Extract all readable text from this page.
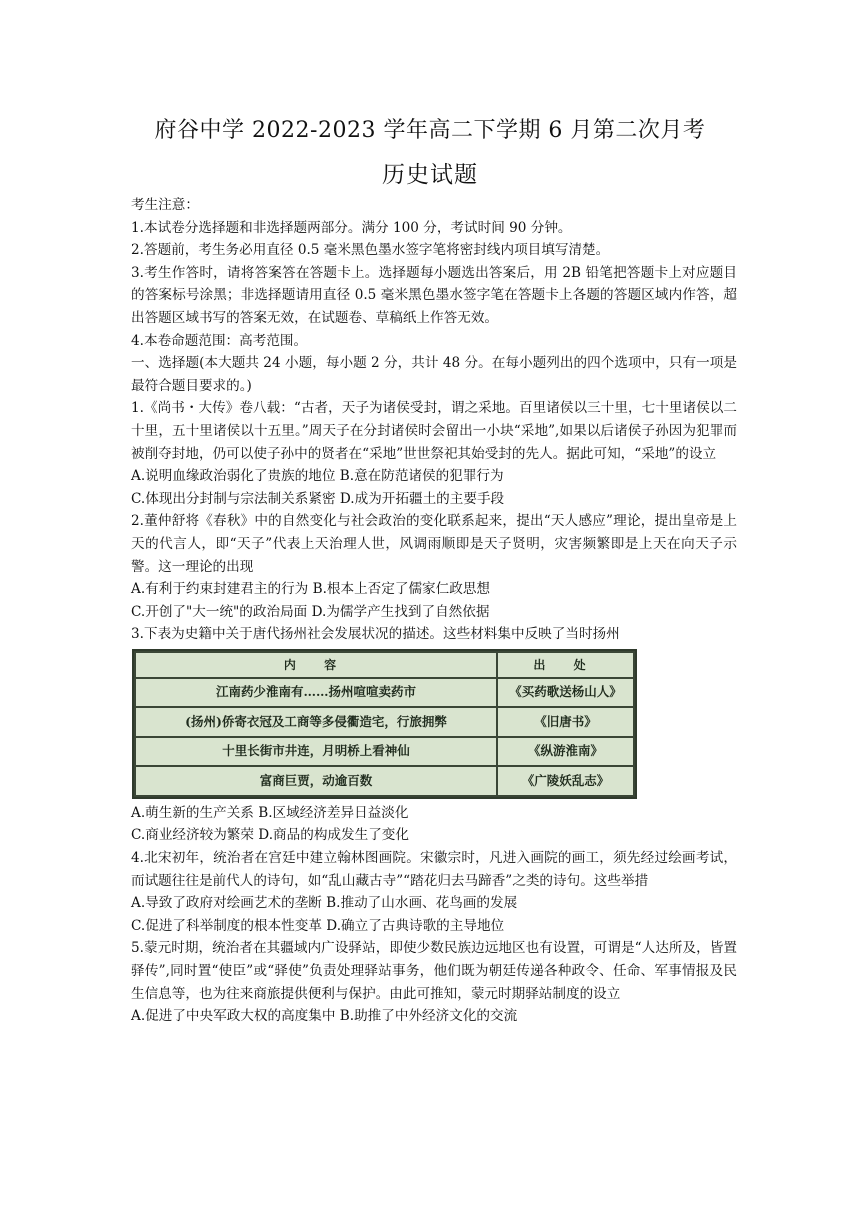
府谷中学 2022-2023 学年高二下学期 6 月第二次月考
历史试题

考生注意：

1.本试卷分选择题和非选择题两部分。满分 100 分，考试时间 90 分钟。

2.答题前，考生务必用直径 0.5 毫米黑色墨水签字笔将密封线内项目填写清楚。

3.考生作答时，请将答案答在答题卡上。选择题每小题选出答案后，用 2B 铅笔把答题卡上对应题目的答案标号涂黑；非选择题请用直径 0.5 毫米黑色墨水签字笔在答题卡上各题的答题区域内作答，超出答题区域书写的答案无效，在试题卷、草稿纸上作答无效。

4.本卷命题范围：高考范围。

一、选择题(本大题共 24 小题，每小题 2 分，共计 48 分。在每小题列出的四个选项中，只有一项是最符合题目要求的。)

1.《尚书・大传》卷八载：“古者，天子为诸侯受封，谓之采地。百里诸侯以三十里，七十里诸侯以二十里，五十里诸侯以十五里。”周天子在分封诸侯时会留出一小块“采地”,如果以后诸侯子孙因为犯罪而被削夺封地，仍可以使子孙中的贤者在“采地”世世祭祀其始受封的先人。据此可知，“采地”的设立

A.说明血缘政治弱化了贵族的地位 B.意在防范诸侯的犯罪行为

C.体现出分封制与宗法制关系紧密 D.成为开拓疆土的主要手段

2.董仲舒将《春秋》中的自然变化与社会政治的变化联系起来，提出“天人感应”理论，提出皇帝是上天的代言人，即“天子”代表上天治理人世，风调雨顺即是天子贤明，灾害频繁即是上天在向天子示警。这一理论的出现

A.有利于约束封建君主的行为 B.根本上否定了儒家仁政思想

C.开创了"大一统"的政治局面 D.为儒学产生找到了自然依据

3.下表为史籍中关于唐代扬州社会发展状况的描述。这些材料集中反映了当时扬州

内 容	出 处
江南药少淮南有……扬州喧喧卖药市	《买药歌送杨山人》
(扬州)侨寄衣冠及工商等多侵衢造宅，行旅拥弊	《旧唐书》
十里长街市井连，月明桥上看神仙	《纵游淮南》
富商巨贾，动逾百数	《广陵妖乱志》

A.萌生新的生产关系 B.区域经济差异日益淡化

C.商业经济较为繁荣 D.商品的构成发生了变化

4.北宋初年，统治者在宫廷中建立翰林图画院。宋徽宗时，凡进入画院的画工，须先经过绘画考试，而试题往往是前代人的诗句，如“乱山藏古寺”“踏花归去马蹄香”之类的诗句。这些举措

A.导致了政府对绘画艺术的垄断 B.推动了山水画、花鸟画的发展

C.促进了科举制度的根本性变革 D.确立了古典诗歌的主导地位

5.蒙元时期，统治者在其疆域内广设驿站，即使少数民族边远地区也有设置，可谓是“人达所及，皆置驿传”,同时置“使臣”或“驿使”负责处理驿站事务，他们既为朝廷传递各种政令、任命、军事情报及民生信息等，也为往来商旅提供便利与保护。由此可推知，蒙元时期驿站制度的设立

A.促进了中央军政大权的高度集中 B.助推了中外经济文化的交流
